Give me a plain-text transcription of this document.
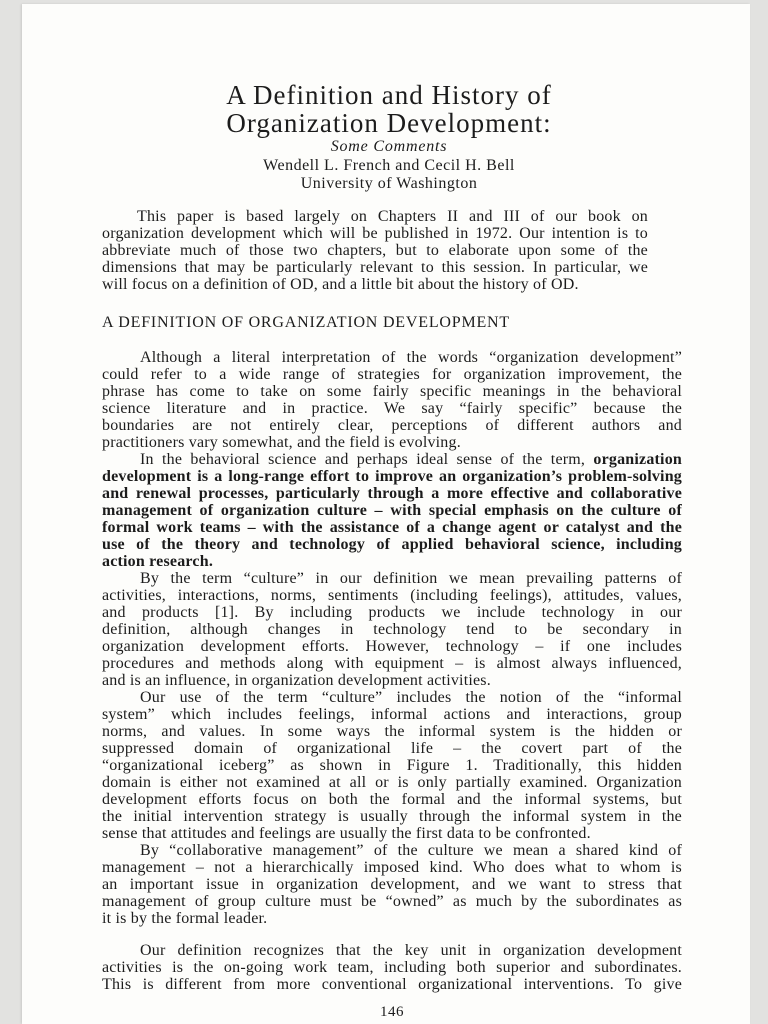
A Definition and History of
Organization Development:
Some Comments
Wendell L. French and Cecil H. Bell
University of Washington
This paper is based largely on Chapters II and III of our book on
organization development which will be published in 1972. Our intention is to
abbreviate much of those two chapters, but to elaborate upon some of the
dimensions that may be particularly relevant to this session. In particular, we
will focus on a definition of OD, and a little bit about the history of OD.
A DEFINITION OF ORGANIZATION DEVELOPMENT
Although a literal interpretation of the words “organization development”
could refer to a wide range of strategies for organization improvement, the
phrase has come to take on some fairly specific meanings in the behavioral
science literature and in practice. We say “fairly specific” because the
boundaries are not entirely clear, perceptions of different authors and
practitioners vary somewhat, and the field is evolving.
In the behavioral science and perhaps ideal sense of the term, organization
development is a long-range effort to improve an organization’s problem-solving
and renewal processes, particularly through a more effective and collaborative
management of organization culture – with special emphasis on the culture of
formal work teams – with the assistance of a change agent or catalyst and the
use of the theory and technology of applied behavioral science, including
action research.
By the term “culture” in our definition we mean prevailing patterns of
activities, interactions, norms, sentiments (including feelings), attitudes, values,
and products [1]. By including products we include technology in our
definition, although changes in technology tend to be secondary in
organization development efforts. However, technology – if one includes
procedures and methods along with equipment – is almost always influenced,
and is an influence, in organization development activities.
Our use of the term “culture” includes the notion of the “informal
system” which includes feelings, informal actions and interactions, group
norms, and values. In some ways the informal system is the hidden or
suppressed domain of organizational life – the covert part of the
“organizational iceberg” as shown in Figure 1. Traditionally, this hidden
domain is either not examined at all or is only partially examined. Organization
development efforts focus on both the formal and the informal systems, but
the initial intervention strategy is usually through the informal system in the
sense that attitudes and feelings are usually the first data to be confronted.
By “collaborative management” of the culture we mean a shared kind of
management – not a hierarchically imposed kind. Who does what to whom is
an important issue in organization development, and we want to stress that
management of group culture must be “owned” as much by the subordinates as
it is by the formal leader.
Our definition recognizes that the key unit in organization development
activities is the on-going work team, including both superior and subordinates.
This is different from more conventional organizational interventions. To give
146
